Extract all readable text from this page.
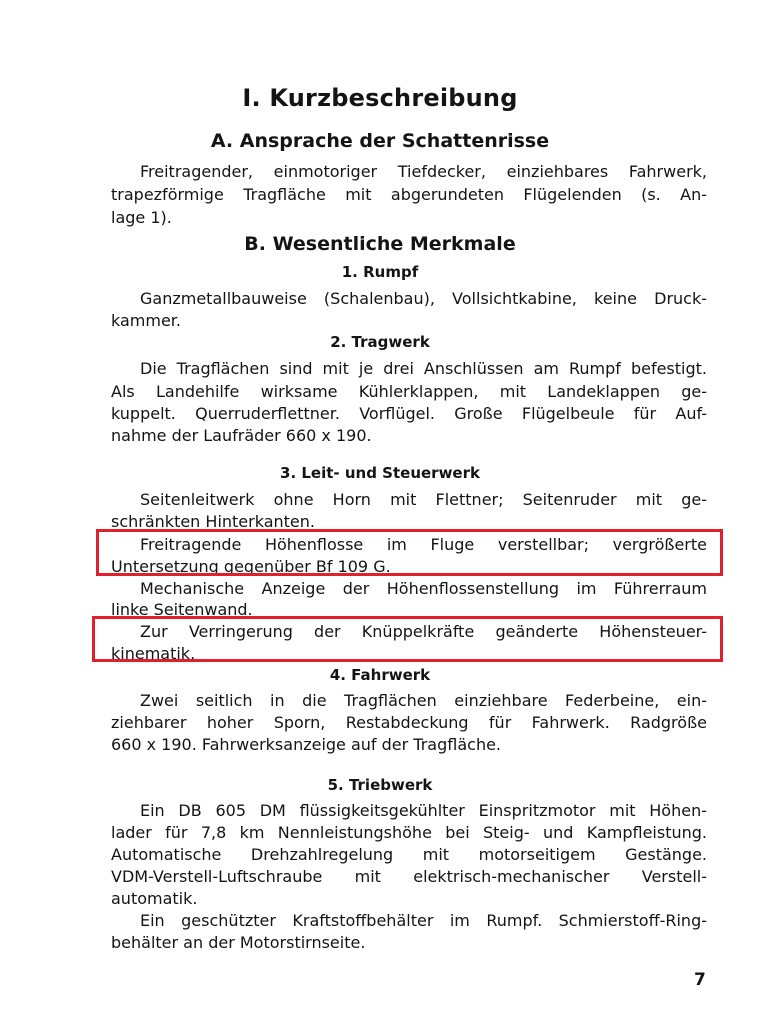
I. Kurzbeschreibung
A. Ansprache der Schattenrisse
Freitragender, einmotoriger Tiefdecker, einziehbares Fahrwerk,
trapezförmige Tragfläche mit abgerundeten Flügelenden (s. An-
lage 1).
B. Wesentliche Merkmale
1. Rumpf
Ganzmetallbauweise (Schalenbau), Vollsichtkabine, keine Druck-
kammer.
2. Tragwerk
Die Tragflächen sind mit je drei Anschlüssen am Rumpf befestigt.
Als Landehilfe wirksame Kühlerklappen, mit Landeklappen ge-
kuppelt. Querruderflettner. Vorflügel. Große Flügelbeule für Auf-
nahme der Laufräder 660 x 190.
3. Leit- und Steuerwerk
Seitenleitwerk ohne Horn mit Flettner; Seitenruder mit ge-
schränkten Hinterkanten.
Freitragende Höhenflosse im Fluge verstellbar; vergrößerte
Untersetzung gegenüber Bf 109 G.
Mechanische Anzeige der Höhenflossenstellung im Führerraum
linke Seitenwand.
Zur Verringerung der Knüppelkräfte geänderte Höhensteuer-
kinematik.
4. Fahrwerk
Zwei seitlich in die Tragflächen einziehbare Federbeine, ein-
ziehbarer hoher Sporn, Restabdeckung für Fahrwerk. Radgröße
660 x 190. Fahrwerksanzeige auf der Tragfläche.
5. Triebwerk
Ein DB 605 DM flüssigkeitsgekühlter Einspritzmotor mit Höhen-
lader für 7,8 km Nennleistungshöhe bei Steig- und Kampfleistung.
Automatische Drehzahlregelung mit motorseitigem Gestänge.
VDM-Verstell-Luftschraube mit elektrisch-mechanischer Verstell-
automatik.
Ein geschützter Kraftstoffbehälter im Rumpf. Schmierstoff-Ring-
behälter an der Motorstirnseite.
7
